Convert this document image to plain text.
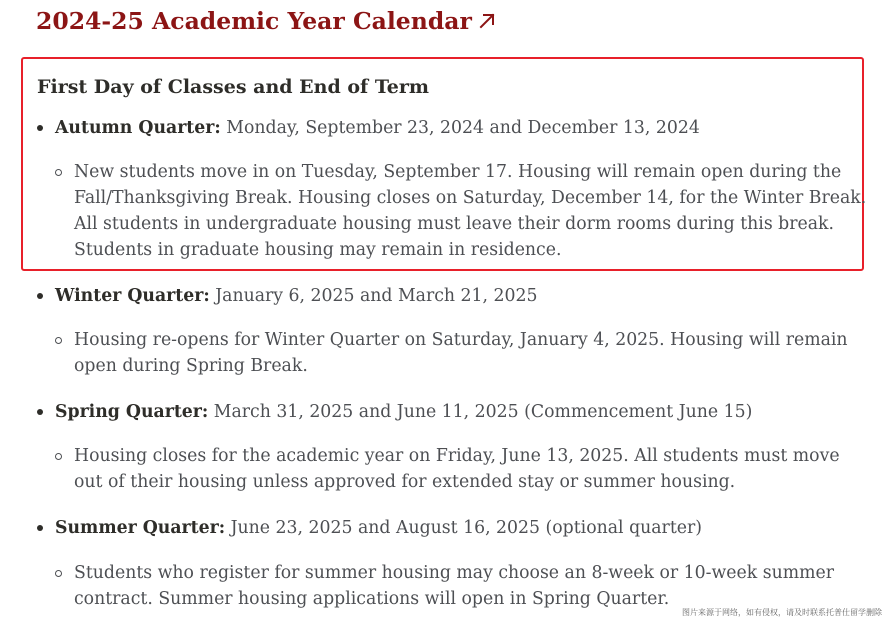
2024-25 Academic Year Calendar
First Day of Classes and End of Term
Autumn Quarter: Monday, September 23, 2024 and December 13, 2024
New students move in on Tuesday, September 17. Housing will remain open during the
Fall/Thanksgiving Break. Housing closes on Saturday, December 14, for the Winter Break.
All students in undergraduate housing must leave their dorm rooms during this break.
Students in graduate housing may remain in residence.
Winter Quarter: January 6, 2025 and March 21, 2025
Housing re-opens for Winter Quarter on Saturday, January 4, 2025. Housing will remain
open during Spring Break.
Spring Quarter: March 31, 2025 and June 11, 2025 (Commencement June 15)
Housing closes for the academic year on Friday, June 13, 2025. All students must move
out of their housing unless approved for extended stay or summer housing.
Summer Quarter: June 23, 2025 and August 16, 2025 (optional quarter)
Students who register for summer housing may choose an 8-week or 10-week summer
contract. Summer housing applications will open in Spring Quarter.
图片来源于网络，如有侵权，请及时联系托普仕留学删除
